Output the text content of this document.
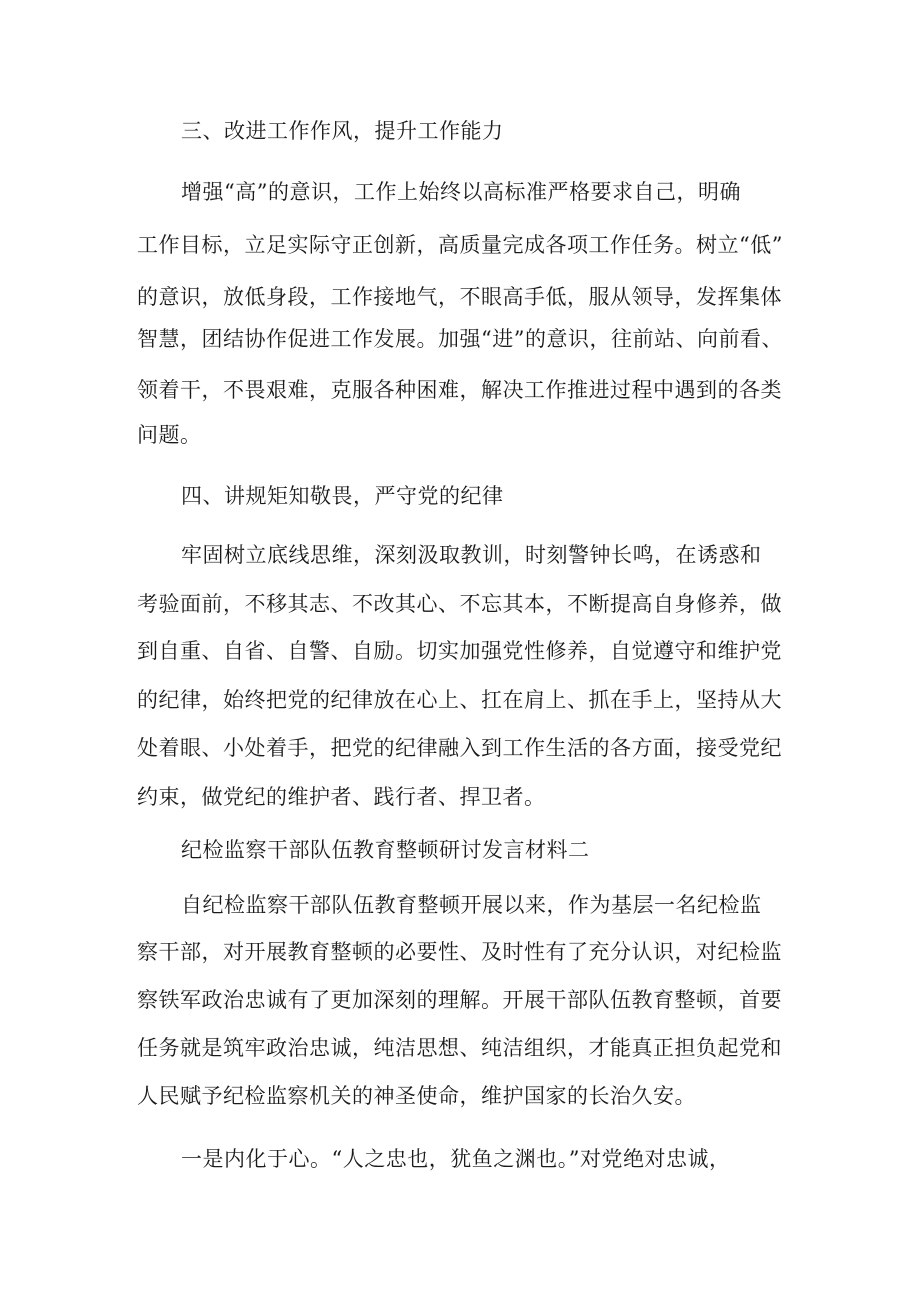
三、改进工作作风，提升工作能力

增强“高”的意识，工作上始终以高标准严格要求自己，明确

工作目标，立足实际守正创新，高质量完成各项工作任务。树立“低”

的意识，放低身段，工作接地气，不眼高手低，服从领导，发挥集体

智慧，团结协作促进工作发展。加强“进”的意识，往前站、向前看、

领着干，不畏艰难，克服各种困难，解决工作推进过程中遇到的各类

问题。

四、讲规矩知敬畏，严守党的纪律

牢固树立底线思维，深刻汲取教训，时刻警钟长鸣，在诱惑和

考验面前，不移其志、不改其心、不忘其本，不断提高自身修养，做

到自重、自省、自警、自励。切实加强党性修养，自觉遵守和维护党

的纪律，始终把党的纪律放在心上、扛在肩上、抓在手上，坚持从大

处着眼、小处着手，把党的纪律融入到工作生活的各方面，接受党纪

约束，做党纪的维护者、践行者、捍卫者。

纪检监察干部队伍教育整顿研讨发言材料二

自纪检监察干部队伍教育整顿开展以来，作为基层一名纪检监

察干部，对开展教育整顿的必要性、及时性有了充分认识，对纪检监

察铁军政治忠诚有了更加深刻的理解。开展干部队伍教育整顿，首要

任务就是筑牢政治忠诚，纯洁思想、纯洁组织，才能真正担负起党和

人民赋予纪检监察机关的神圣使命，维护国家的长治久安。

一是内化于心。“人之忠也，犹鱼之渊也。”对党绝对忠诚，
